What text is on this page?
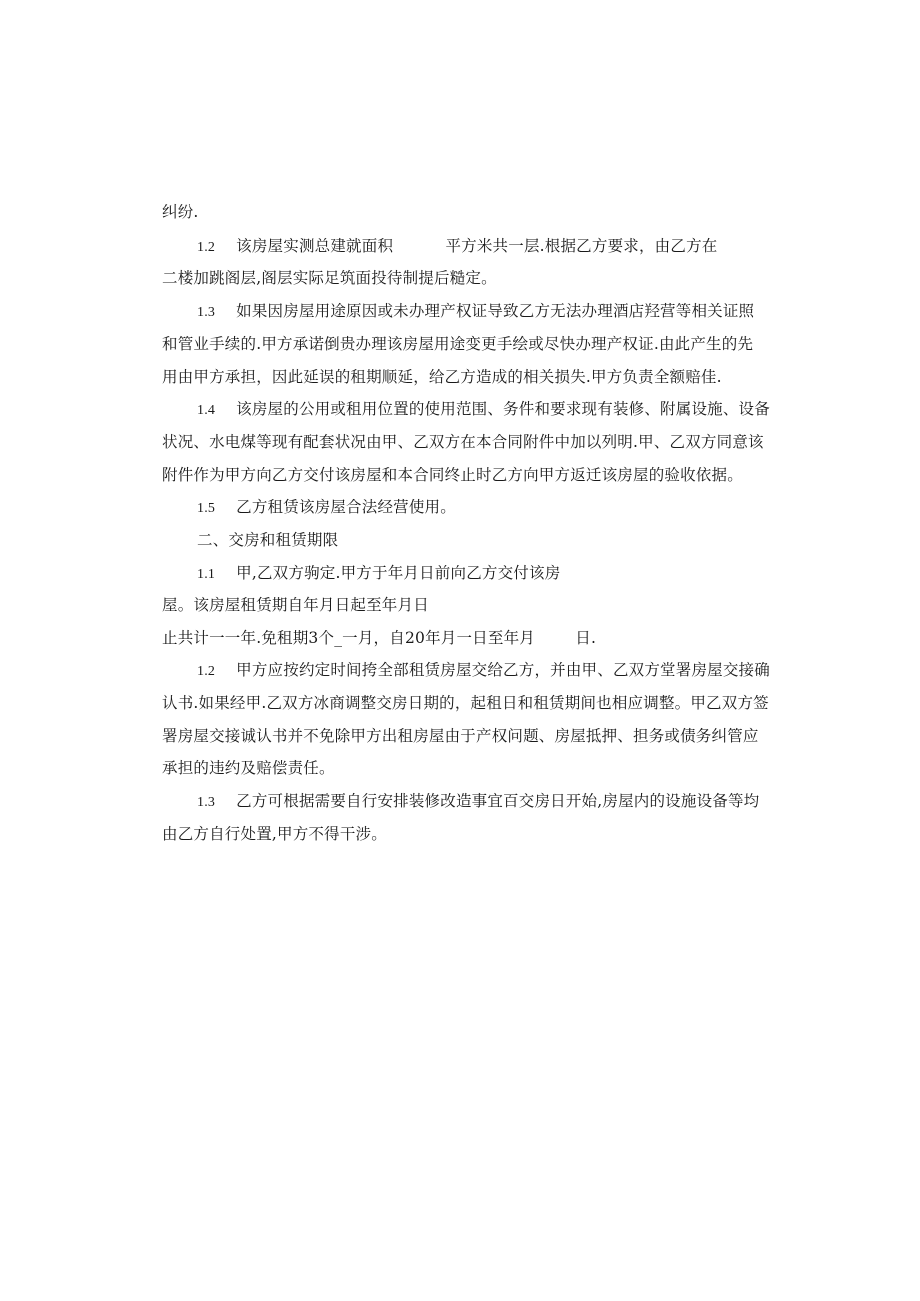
纠纷.
1.2 该房屋实测总建就面积	平方米共一层.根据乙方要求，由乙方在
二楼加跳阁层,阁层实际足筑面投待制提后糙定。
1.3 如果因房屋用途原因或未办理产权证导致乙方无法办理酒店羟营等相关证照
和管业手续的.甲方承诺倒贵办理该房屋用途变更手绘或尽快办理产权证.由此产生的先
用由甲方承担，因此延误的租期顺延，给乙方造成的相关损失.甲方负责全额赔佳.
1.4 该房屋的公用或租用位置的使用范围、务件和要求现有装修、附属设施、设备
状况、水电煤等现有配套状况由甲、乙双方在本合同附件中加以列明.甲、乙双方同意该
附件作为甲方向乙方交付该房屋和本合同终止时乙方向甲方返迁该房屋的验收依据。
1.5 乙方租赁该房屋合法经营使用。
二、交房和租赁期限
1.1 甲,乙双方驹定.甲方于年月日前向乙方交付该房
屋。该房屋租赁期自年月日起至年月日
止共计一一年.免租期3个_一月，自20年月一日至年月	日.
1.2 甲方应按约定时间挎全部租赁房屋交给乙方，并由甲、乙双方堂署房屋交接确
认书.如果经甲.乙双方冰商调整交房日期的，起租日和租赁期间也相应调整。甲乙双方签
署房屋交接诚认书并不免除甲方出租房屋由于产权问题、房屋抵押、担务或债务纠管应
承担的违约及赔偿责任。
1.3 乙方可根据需要自行安排装修改造事宜百交房日开始,房屋内的设施设备等均
由乙方自行处置,甲方不得干涉。
